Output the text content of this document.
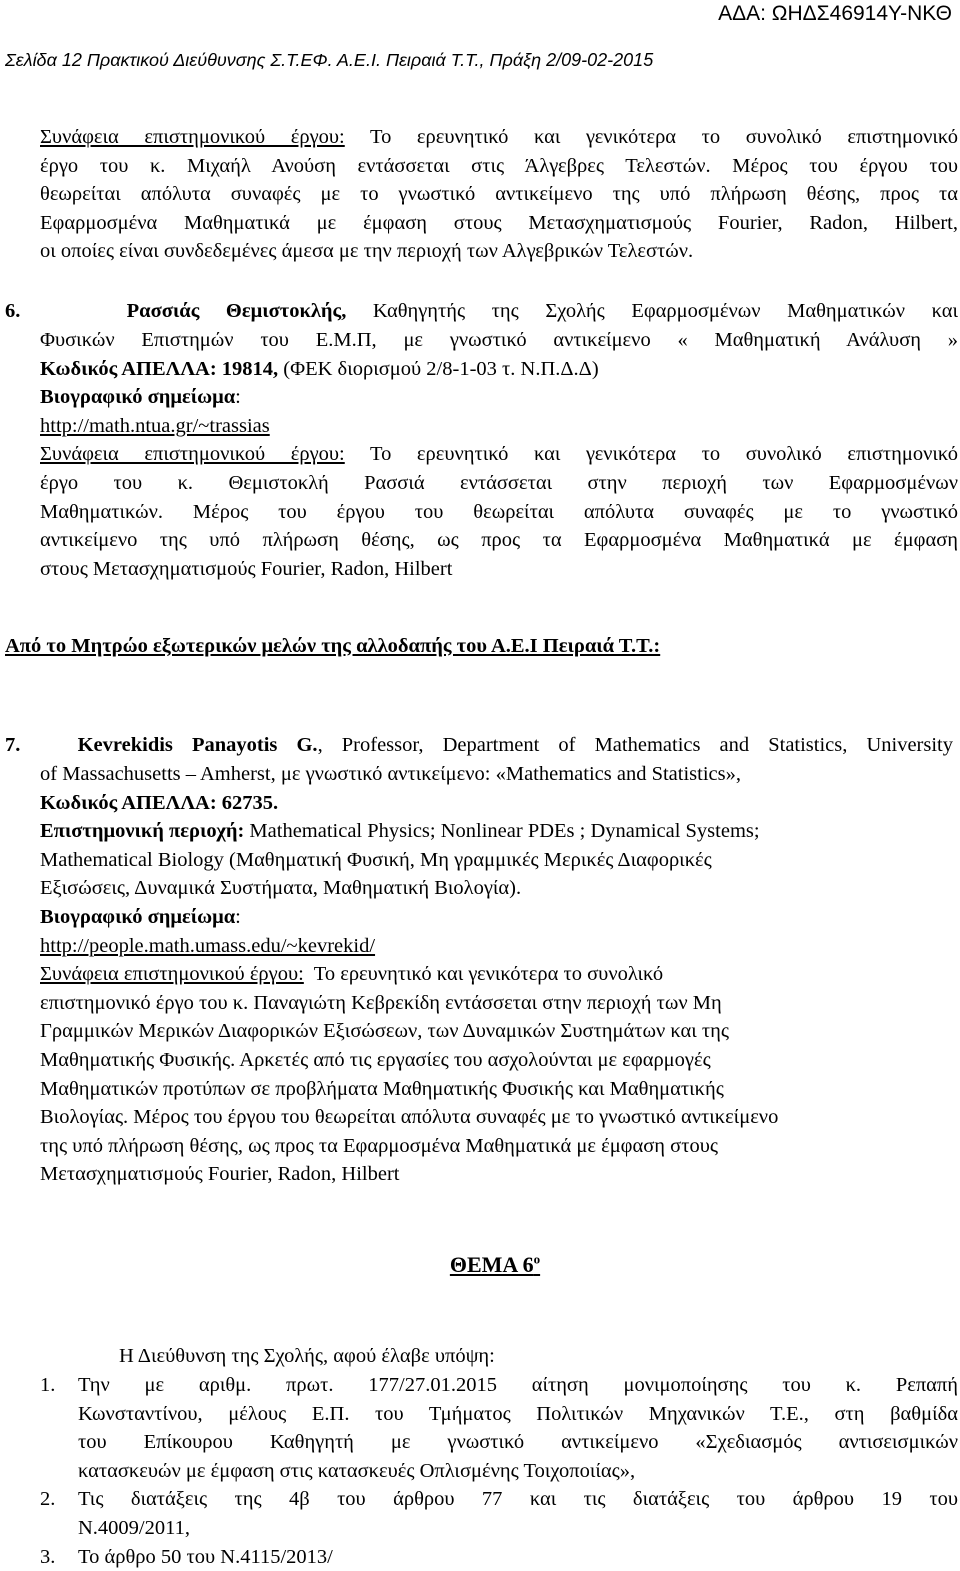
ΑΔΑ: ΩΗΔΣ46914Υ-ΝΚΘ
Σελίδα 12 Πρακτικού Διεύθυνσης Σ.Τ.ΕΦ. Α.Ε.Ι. Πειραιά Τ.Τ., Πράξη 2/09-02-2015
Συνάφεια επιστημονικού έργου: Το ερευνητικό και γενικότερα το συνολικό επιστημονικό
έργο του κ. Μιχαήλ Ανούση εντάσσεται στις Άλγεβρες Τελεστών. Μέρος του έργου του
θεωρείται απόλυτα συναφές με το γνωστικό αντικείμενο της υπό πλήρωση θέσης, προς τα
Εφαρμοσμένα Μαθηματικά με έμφαση στους Μετασχηματισμούς Fourier, Radon, Hilbert,
οι οποίες είναι συνδεδεμένες άμεσα με την περιοχή των Αλγεβρικών Τελεστών.
6.	Ρασσιάς Θεμιστοκλής, Καθηγητής της Σχολής Εφαρμοσμένων Μαθηματικών και
Φυσικών Επιστημών του Ε.Μ.Π, με γνωστικό αντικείμενο « Μαθηματική Ανάλυση »
Κωδικός ΑΠΕΛΛΑ: 19814, (ΦΕΚ διορισμού 2/8-1-03 τ. Ν.Π.Δ.Δ)
Βιογραφικό σημείωμα:
http://math.ntua.gr/~trassias
Συνάφεια επιστημονικού έργου: Το ερευνητικό και γενικότερα το συνολικό επιστημονικό
έργο του κ. Θεμιστοκλή Ρασσιά εντάσσεται στην περιοχή των Εφαρμοσμένων
Μαθηματικών. Μέρος του έργου του θεωρείται απόλυτα συναφές με το γνωστικό
αντικείμενο της υπό πλήρωση θέσης, ως προς τα Εφαρμοσμένα Μαθηματικά με έμφαση
στους Μετασχηματισμούς Fourier, Radon, Hilbert
Από το Μητρώο εξωτερικών μελών της αλλοδαπής του Α.Ε.Ι Πειραιά Τ.Τ.:
7.	Kevrekidis Panayotis G., Professor, Department of Mathematics and Statistics, University
of Massachusetts – Amherst, με γνωστικό αντικείμενο: «Mathematics and Statistics»,
Κωδικός ΑΠΕΛΛΑ: 62735.
Επιστημονική περιοχή: Mathematical Physics; Nonlinear PDEs ; Dynamical Systems;
Mathematical Biology (Μαθηματική Φυσική, Μη γραμμικές Μερικές Διαφορικές
Εξισώσεις, Δυναμικά Συστήματα, Μαθηματική Βιολογία).
Βιογραφικό σημείωμα:
http://people.math.umass.edu/~kevrekid/
Συνάφεια επιστημονικού έργου: Το ερευνητικό και γενικότερα το συνολικό
επιστημονικό έργο του κ. Παναγιώτη Κεβρεκίδη εντάσσεται στην περιοχή των Μη
Γραμμικών Μερικών Διαφορικών Εξισώσεων, των Δυναμικών Συστημάτων και της
Μαθηματικής Φυσικής. Αρκετές από τις εργασίες του ασχολούνται με εφαρμογές
Μαθηματικών προτύπων σε προβλήματα Μαθηματικής Φυσικής και Μαθηματικής
Βιολογίας. Μέρος του έργου του θεωρείται απόλυτα συναφές με το γνωστικό αντικείμενο
της υπό πλήρωση θέσης, ως προς τα Εφαρμοσμένα Μαθηματικά με έμφαση στους
Μετασχηματισμούς Fourier, Radon, Hilbert
ΘΕΜΑ $6^o$
Η Διεύθυνση της Σχολής, αφού έλαβε υπόψη:
1. Την με αριθμ. πρωτ. 177/27.01.2015 αίτηση μονιμοποίησης του κ. Ρεπαπή
Κωνσταντίνου, μέλους Ε.Π. του Τμήματος Πολιτικών Μηχανικών Τ.Ε., στη βαθμίδα
του Επίκουρου Καθηγητή με γνωστικό αντικείμενο «Σχεδιασμός αντισεισμικών
κατασκευών με έμφαση στις κατασκευές Οπλισμένης Τοιχοποιίας»,
2. Τις διατάξεις της 4β του άρθρου 77 και τις διατάξεις του άρθρου 19 του
Ν.4009/2011,
3. Το άρθρο 50 του Ν.4115/2013/
